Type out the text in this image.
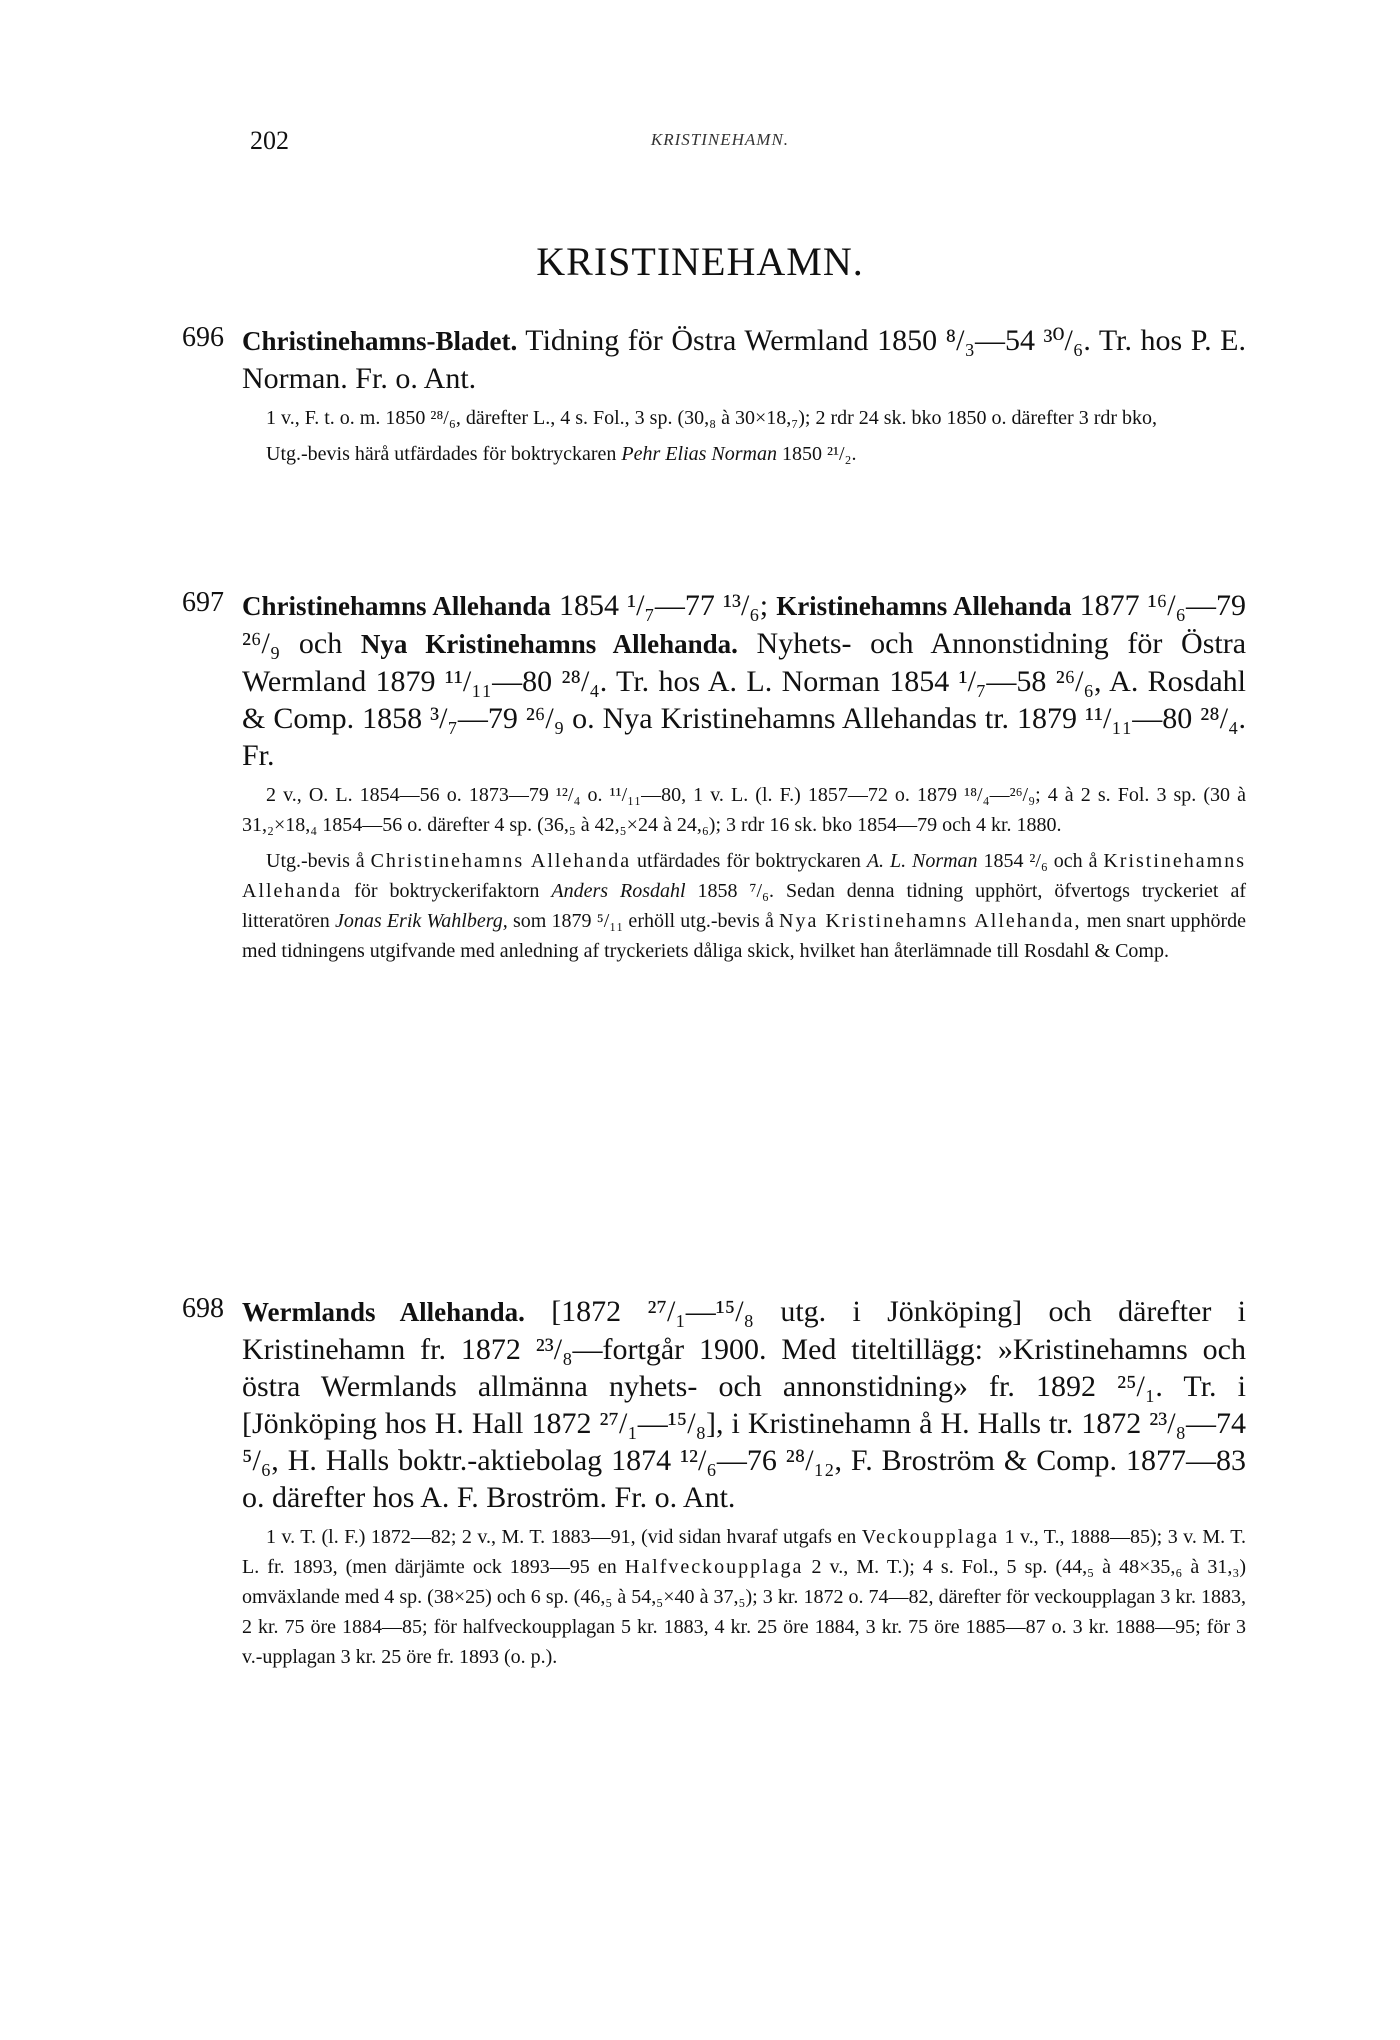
202	KRISTINEHAMN.
KRISTINEHAMN.
696 Christinehamns-Bladet. Tidning för Östra Wermland 1850 ⁸/₃—54 ³⁰/₆. Tr. hos P. E. Norman. Fr. o. Ant.

1 v., F. t. o. m. 1850 ²⁸/₆, därefter L., 4 s. Fol., 3 sp. (30,₈ à 30×18,₇); 2 rdr 24 sk. bko 1850 o. därefter 3 rdr bko,

Utg.-bevis härå utfärdades för boktryckaren Pehr Elias Norman 1850 ²¹/₂.

697 Christinehamns Allehanda 1854 ¹/₇—77 ¹³/₆; Kristinehamns Allehanda 1877 ¹⁶/₆—79 ²⁶/₉ och Nya Kristinehamns Allehanda. Nyhets- och Annonstidning för Östra Wermland 1879 ¹¹/₁₁—80 ²⁸/₄. Tr. hos A. L. Norman 1854 ¹/₇—58 ²⁶/₆, A. Rosdahl & Comp. 1858 ³/₇—79 ²⁶/₉ o. Nya Kristinehamns Allehandas tr. 1879 ¹¹/₁₁—80 ²⁸/₄. Fr.

2 v., O. L. 1854—56 o. 1873—79 ¹²/₄ o. ¹¹/₁₁—80, 1 v. L. (l. F.) 1857—72 o. 1879 ¹⁸/₄—²⁶/₉; 4 à 2 s. Fol. 3 sp. (30 à 31,₂×18,₄ 1854—56 o. därefter 4 sp. (36,₅ à 42,₅×24 à 24,₆); 3 rdr 16 sk. bko 1854—79 och 4 kr. 1880.

Utg.-bevis å Christinehamns Allehanda utfärdades för boktryckaren A. L. Norman 1854 ²/₆ och å Kristinehamns Allehanda för boktryckerifaktorn Anders Rosdahl 1858 ⁷/₆. Sedan denna tidning upphört, öfvertogs tryckeriet af litteratören Jonas Erik Wahlberg, som 1879 ⁵/₁₁ erhöll utg.-bevis å Nya Kristinehamns Allehanda, men snart upphörde med tidningens utgifvande med anledning af tryckeriets dåliga skick, hvilket han återlämnade till Rosdahl & Comp.

698 Wermlands Allehanda. [1872 ²⁷/₁—¹⁵/₈ utg. i Jönköping] och därefter i Kristinehamn fr. 1872 ²³/₈—fortgår 1900. Med titeltillägg: »Kristinehamns och östra Wermlands allmänna nyhets- och annonstidning» fr. 1892 ²⁵/₁. Tr. i [Jönköping hos H. Hall 1872 ²⁷/₁—¹⁵/₈], i Kristinehamn å H. Halls tr. 1872 ²³/₈—74 ⁵/₆, H. Halls boktr.-aktiebolag 1874 ¹²/₆—76 ²⁸/₁₂, F. Broström & Comp. 1877—83 o. därefter hos A. F. Broström. Fr. o. Ant.

1 v. T. (l. F.) 1872—82; 2 v., M. T. 1883—91, (vid sidan hvaraf utgafs en Veckoupplaga 1 v., T., 1888—85); 3 v. M. T. L. fr. 1893, (men därjämte ock 1893—95 en Halfveckoupplaga 2 v., M. T.); 4 s. Fol., 5 sp. (44,₅ à 48×35,₆ à 31,₃) omväxlande med 4 sp. (38×25) och 6 sp. (46,₅ à 54,₅×40 à 37,₅); 3 kr. 1872 o. 74—82, därefter för veckoupplagan 3 kr. 1883, 2 kr. 75 öre 1884—85; för halfveckoupplagan 5 kr. 1883, 4 kr. 25 öre 1884, 3 kr. 75 öre 1885—87 o. 3 kr. 1888—95; för 3 v.-upplagan 3 kr. 25 öre fr. 1893 (o. p.).
